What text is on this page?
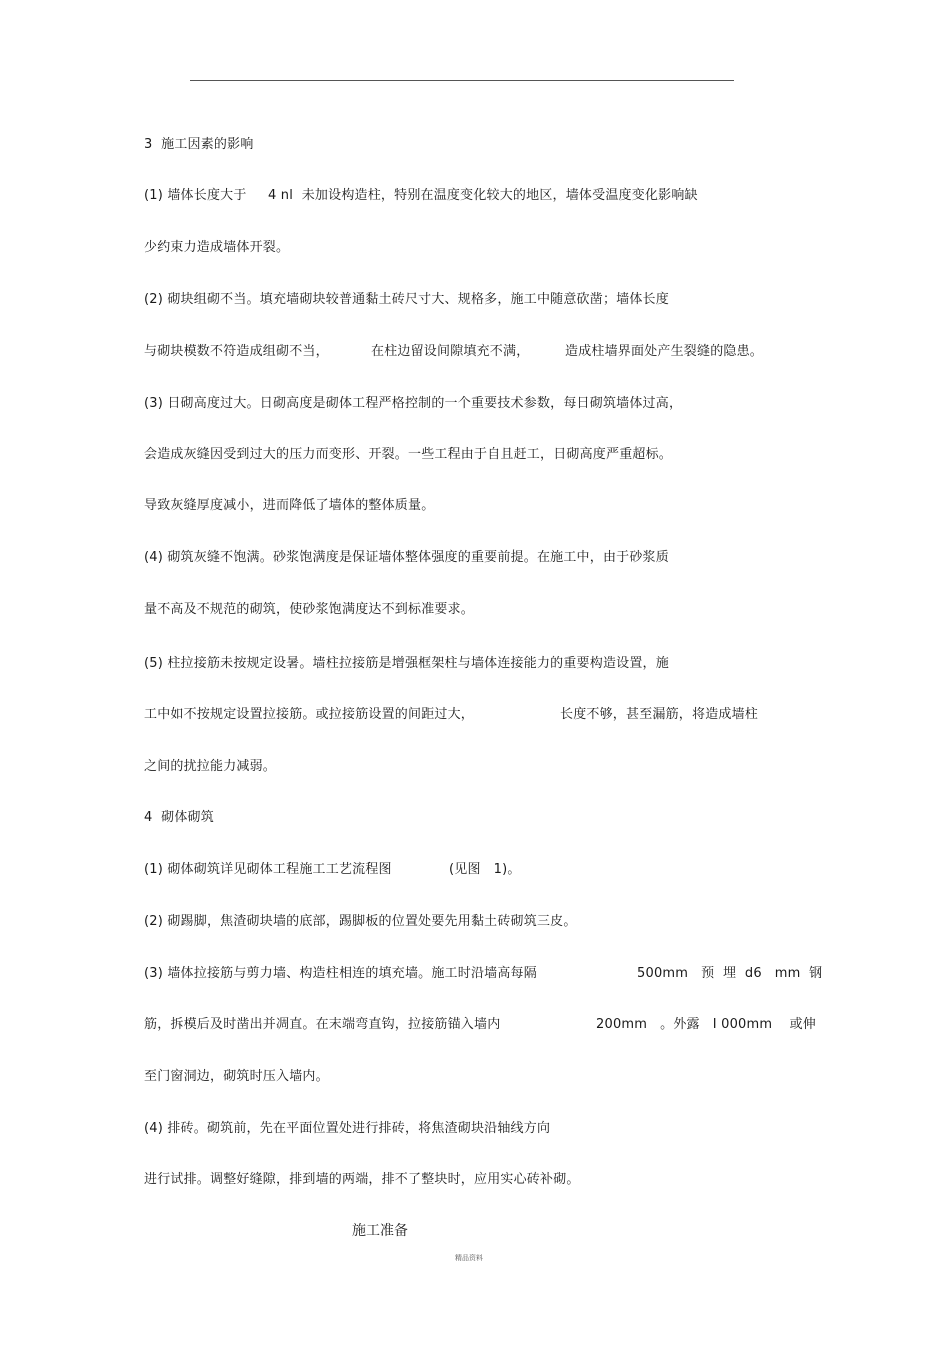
3  施工因素的影响
(1) 墙体长度大于 4 nl  未加设构造柱，特别在温度变化较大的地区，墙体受温度变化影响缺
少约束力造成墙体开裂。
(2) 砌块组砌不当。填充墙砌块较普通黏土砖尺寸大、规格多，施工中随意砍凿；墙体长度
与砌块模数不符造成组砌不当，	在柱边留设间隙填充不满，	造成柱墙界面处产生裂缝的隐患。
(3) 日砌高度过大。日砌高度是砌体工程严格控制的一个重要技术参数，每日砌筑墙体过高，
会造成灰缝因受到过大的压力而变形、开裂。一些工程由于自且赶工，日砌高度严重超标。
导致灰缝厚度减小，进而降低了墙体的整体质量。
(4) 砌筑灰缝不饱满。砂浆饱满度是保证墙体整体强度的重要前提。在施工中，由于砂浆质
量不高及不规范的砌筑，使砂浆饱满度达不到标准要求。
(5) 柱拉接筋未按规定设暑。墙柱拉接筋是增强框架柱与墙体连接能力的重要构造设置，施
工中如不按规定设置拉接筋。或拉接筋设置的间距过大，	长度不够，甚至漏筋，将造成墙柱
之间的扰拉能力减弱。
4  砌体砌筑
(1) 砌体砌筑详见砌体工程施工工艺流程图	(见图   1)。
(2) 砌踢脚，焦渣砌块墙的底部，踢脚板的位置处要先用黏土砖砌筑三皮。
(3) 墙体拉接筋与剪力墙、构造柱相连的填充墙。施工时沿墙高每隔	500mm   预  埋  d6   mm  钢
筋，拆模后及时凿出并凋直。在末端弯直钩，拉接筋锚入墙内	200mm   。外露   I 000mm    或伸
至门窗洞边，砌筑时压入墙内。
(4) 排砖。砌筑前，先在平面位置处进行排砖，将焦渣砌块沿轴线方向
进行试排。调整好缝隙，排到墙的两端，排不了整块时，应用实心砖补砌。
施工准备
精品资料
